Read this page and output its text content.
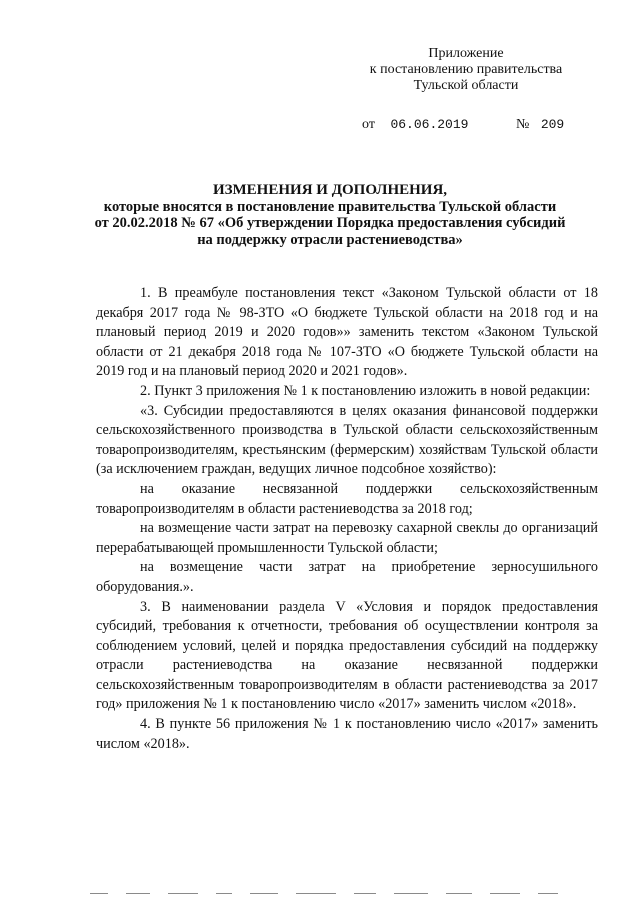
Приложение
к постановлению правительства
Тульской области
от 06.06.2019	№ 209
ИЗМЕНЕНИЯ И ДОПОЛНЕНИЯ,
которые вносятся в постановление правительства Тульской области
от 20.02.2018 № 67 «Об утверждении Порядка предоставления субсидий
на поддержку отрасли растениеводства»

1. В преамбуле постановления текст «Законом Тульской области от 18 декабря 2017 года № 98-ЗТО «О бюджете Тульской области на 2018 год и на плановый период 2019 и 2020 годов»» заменить текстом «Законом Тульской области от 21 декабря 2018 года № 107-ЗТО «О бюджете Тульской области на 2019 год и на плановый период 2020 и 2021 годов».

2. Пункт 3 приложения № 1 к постановлению изложить в новой редакции:

«3. Субсидии предоставляются в целях оказания финансовой поддержки сельскохозяйственного производства в Тульской области сельскохозяйственным товаропроизводителям, крестьянским (фермерским) хозяйствам Тульской области (за исключением граждан, ведущих личное подсобное хозяйство):

на оказание несвязанной поддержки сельскохозяйственным товаропроизводителям в области растениеводства за 2018 год;

на возмещение части затрат на перевозку сахарной свеклы до организаций перерабатывающей промышленности Тульской области;

на возмещение части затрат на приобретение зерносушильного оборудования.».

3. В наименовании раздела V «Условия и порядок предоставления субсидий, требования к отчетности, требования об осуществлении контроля за соблюдением условий, целей и порядка предоставления субсидий на поддержку отрасли растениеводства на оказание несвязанной поддержки сельскохозяйственным товаропроизводителям в области растениеводства за 2017 год» приложения № 1 к постановлению число «2017» заменить числом «2018».

4. В пункте 56 приложения № 1 к постановлению число «2017» заменить числом «2018».
